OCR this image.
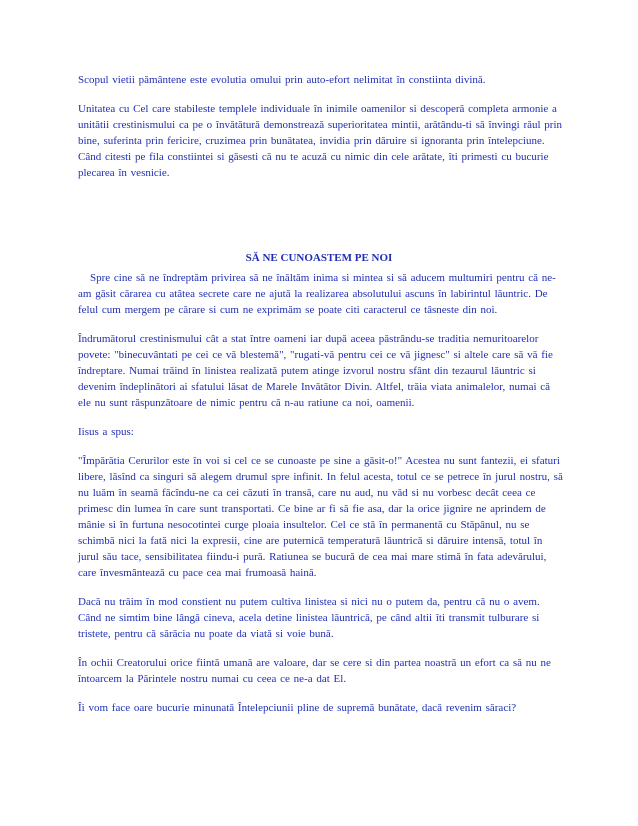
Scopul vietii pământene este evolutia omului prin auto-efort nelimitat în constiinta divină.

Unitatea cu Cel care stabileste templele individuale în inimile oamenilor si descoperă completa armonie a unitătii crestinismului ca pe o învătătură demonstrează superioritatea mintii, arătându-ti să învingi răul prin bine, suferinta prin fericire, cruzimea prin bunătatea, invidia prin dăruire si ignoranta prin întelepciune. Când citesti pe fila constiintei si găsesti că nu te acuză cu nimic din cele arătate, îti primesti cu bucurie plecarea în vesnicie.

SĂ NE CUNOASTEM PE NOI

Spre cine să ne îndreptăm privirea să ne înăltăm inima si mintea si să aducem multumiri pentru că ne-am găsit cărarea cu atâtea secrete care ne ajută la realizarea absolutului ascuns în labirintul lăuntric. De felul cum mergem pe cărare si cum ne exprimăm se poate citi caracterul ce tâsneste din noi.

Îndrumătorul crestinismului cât a stat între oameni iar după aceea păstrându-se traditia nemuritoarelor povete: "binecuvântati pe cei ce vă blestemă", "rugati-vă pentru cei ce vă jignesc" si altele care să vă fie îndreptare. Numai trăind în linistea realizată putem atinge izvorul nostru sfânt din tezaurul lăuntric si devenim îndeplinători ai sfatului lăsat de Marele Invătător Divin. Altfel, trăia viata animalelor, numai că ele nu sunt răspunzătoare de nimic pentru că n-au ratiune ca noi, oamenii.

Iisus a spus:

"Împărătia Cerurilor este în voi si cel ce se cunoaste pe sine a găsit-o!" Acestea nu sunt fantezii, ei sfaturi libere, lăsînd ca singuri să alegem drumul spre infinit. In felul acesta, totul ce se petrece în jurul nostru, să nu luăm în seamă făcîndu-ne ca cei căzuti în transă, care nu aud, nu văd si nu vorbesc decât ceea ce primesc din lumea în care sunt transportati. Ce bine ar fi să fie asa, dar la orice jignire ne aprindem de mânie si în furtuna nesocotintei curge ploaia insultelor. Cel ce stă în permanentă cu Stăpânul, nu se schimbă nici la fată nici la expresii, cine are puternică temperatură lăuntrică si dăruire intensă, totul în jurul său tace, sensibilitatea fiindu-i pură. Ratiunea se bucură de cea mai mare stimă în fata adevărului, care învesmântează cu pace cea mai frumoasă haină.

Dacă nu trăim în mod constient nu putem cultiva linistea si nici nu o putem da, pentru că nu o avem. Când ne simtim bine lângă cineva, acela detine linistea lăuntrică, pe când altii îti transmit tulburare si tristete, pentru că sărăcia nu poate da viată si voie bună.

În ochii Creatorului orice fiintă umană are valoare, dar se cere si din partea noastră un efort ca să nu ne întoarcem la Părintele nostru numai cu ceea ce ne-a dat El.

Îi vom face oare bucurie minunată Întelepciunii pline de supremă bunătate, dacă revenim săraci?
